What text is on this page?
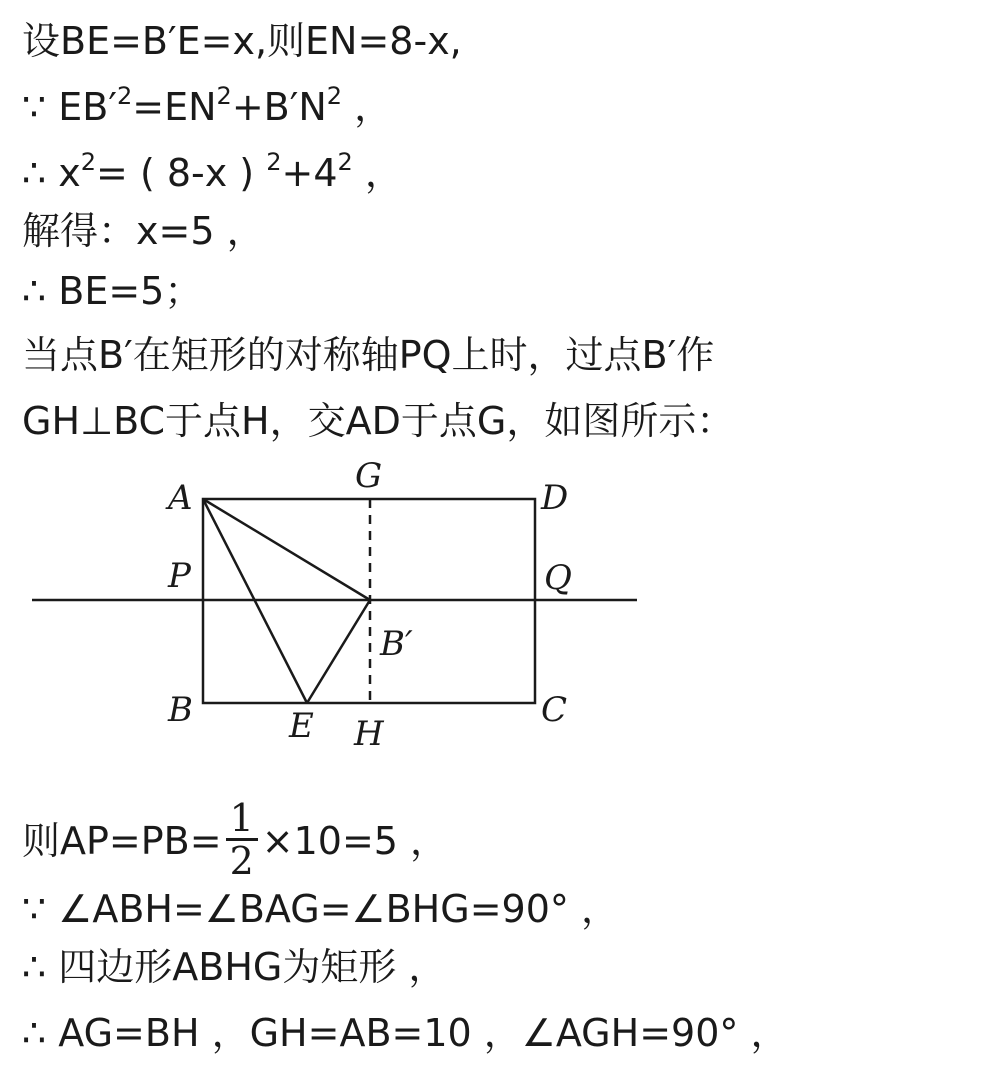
设BE=B′E=x,则EN=8-x,
∵ $EB'^2=EN^2+B'N^2$ ，
∴ $x^2=$ ( 8-x ) $^2+4^2$ ，
解得：x=5 ，
∴ BE=5；
当点B′在矩形的对称轴PQ上时，过点B′作
GH⊥BC于点H，交AD于点G，如图所示：
A
G
D
P	Q
B′
B	E H
C
则$AP=PB= \frac{1}{2} \times 10=5$ ，
∵ ∠ABH=∠BAG=∠BHG=90° ，
∴ 四边形ABHG为矩形 ，
∴ AG=BH ，GH=AB=10 ，∠AGH=90° ，
